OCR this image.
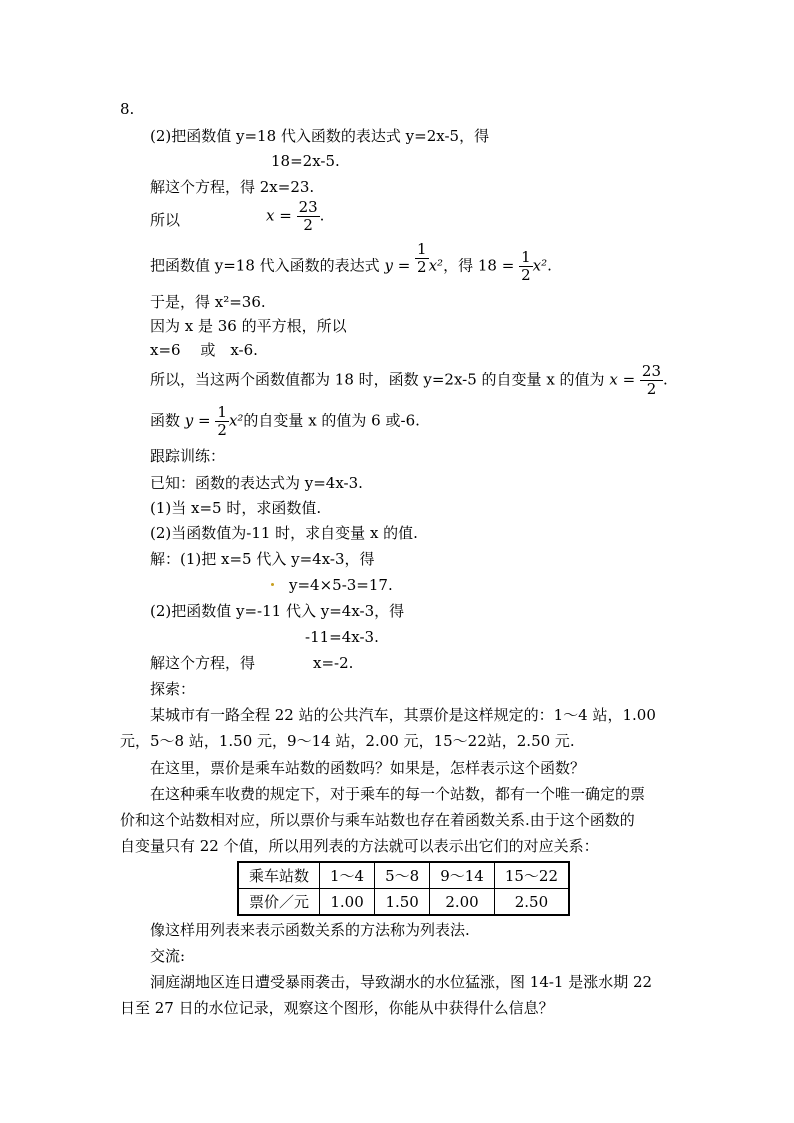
8.
(2)把函数值 y=18 代入函数的表达式 y=2x-5，得
18=2x-5.
解这个方程，得 2x=23.
所以	$x = \frac{23}{2}$ .
把函数值 y=18 代入函数的表达式 $y = \frac{1}{2} x^2$，得 $18 = \frac{1}{2} x^2$.
于是，得 x²=36.
因为 x 是 36 的平方根，所以
x=6　 或　x-6.
所以，当这两个函数值都为 18 时，函数 y=2x-5 的自变量 x 的值为 $x = \frac{23}{2}$ .
函数 $y = \frac{1}{2} x^2$的自变量 x 的值为 6 或-6.
跟踪训练：
已知：函数的表达式为 y=4x-3.
(1)当 x=5 时，求函数值.
(2)当函数值为-11 时，求自变量 x 的值.
解：(1)把 x=5 代入 y=4x-3，得
y=4×5-3=17.
(2)把函数值 y=-11 代入 y=4x-3，得
-11=4x-3.
解这个方程，得	x=-2.
探索：
某城市有一路全程 22 站的公共汽车，其票价是这样规定的：1～4 站，1.00
元，5～8 站，1.50 元，9～14 站，2.00 元，15～22站，2.50 元.
在这里，票价是乘车站数的函数吗？如果是，怎样表示这个函数？
在这种乘车收费的规定下，对于乘车的每一个站数，都有一个唯一确定的票
价和这个站数相对应，所以票价与乘车站数也存在着函数关系.由于这个函数的
自变量只有 22 个值，所以用列表的方法就可以表示出它们的对应关系：
乘车站数	1～4	5～8	9～14	15～22
票价／元	1.00	1.50	2.00	2.50
像这样用列表来表示函数关系的方法称为列表法.
交流:
洞庭湖地区连日遭受暴雨袭击，导致湖水的水位猛涨，图 14-1 是涨水期 22
日至 27 日的水位记录，观察这个图形，你能从中获得什么信息？
